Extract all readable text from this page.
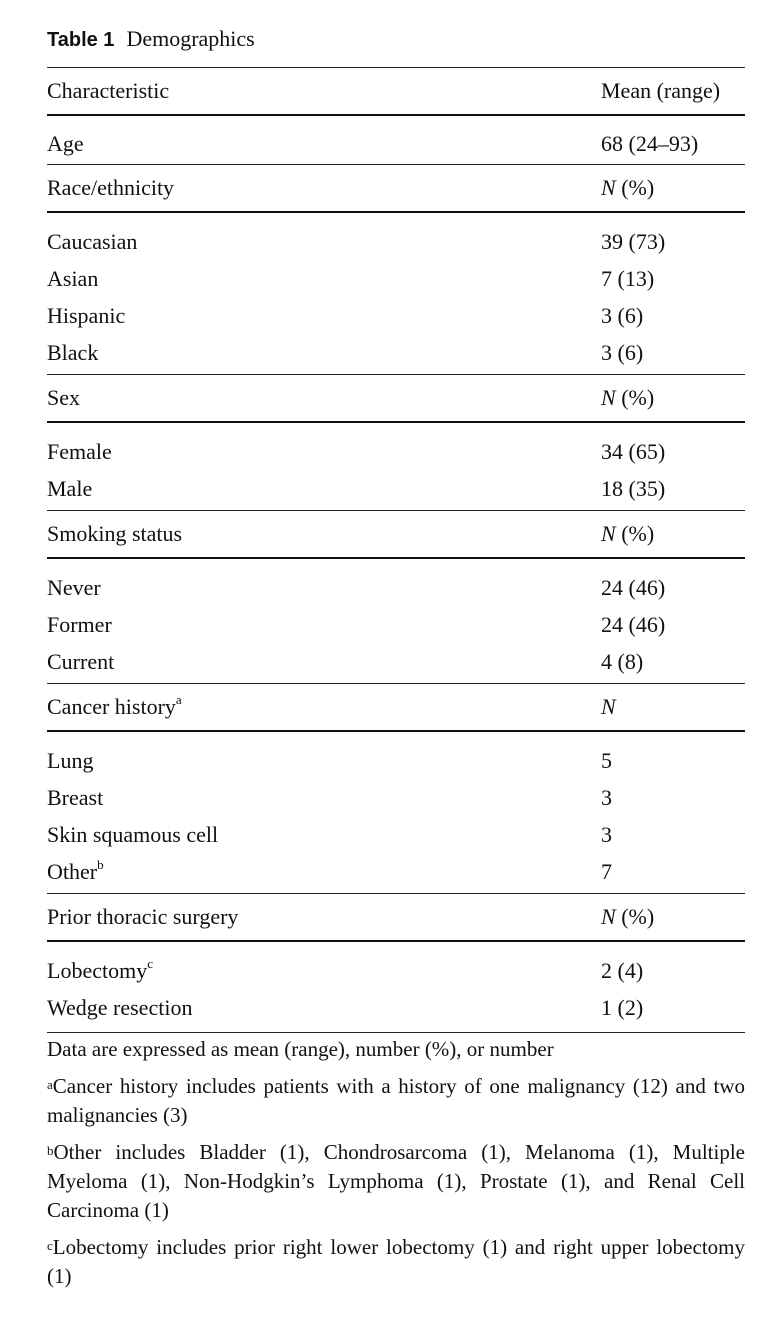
Table 1 Demographics
Characteristic	Mean (range)
Age	68 (24–93)
Race/ethnicity	N (%)
Caucasian	39 (73)
Asian	7 (13)
Hispanic	3 (6)
Black	3 (6)
Sex	N (%)
Female	34 (65)
Male	18 (35)
Smoking status	N (%)
Never	24 (46)
Former	24 (46)
Current	4 (8)
Cancer history$^a$	N
Lung	5
Breast	3
Skin squamous cell	3
Other$^b$	7
Prior thoracic surgery	N (%)
Lobectomy$^c$	2 (4)
Wedge resection	1 (2)

Data are expressed as mean (range), number (%), or number

$^a$Cancer history includes patients with a history of one malignancy (12) and two malignancies (3)

$^b$Other includes Bladder (1), Chondrosarcoma (1), Melanoma (1), Multiple Myeloma (1), Non-Hodgkin’s Lymphoma (1), Prostate (1), and Renal Cell Carcinoma (1)

$^c$Lobectomy includes prior right lower lobectomy (1) and right upper lobectomy (1)
